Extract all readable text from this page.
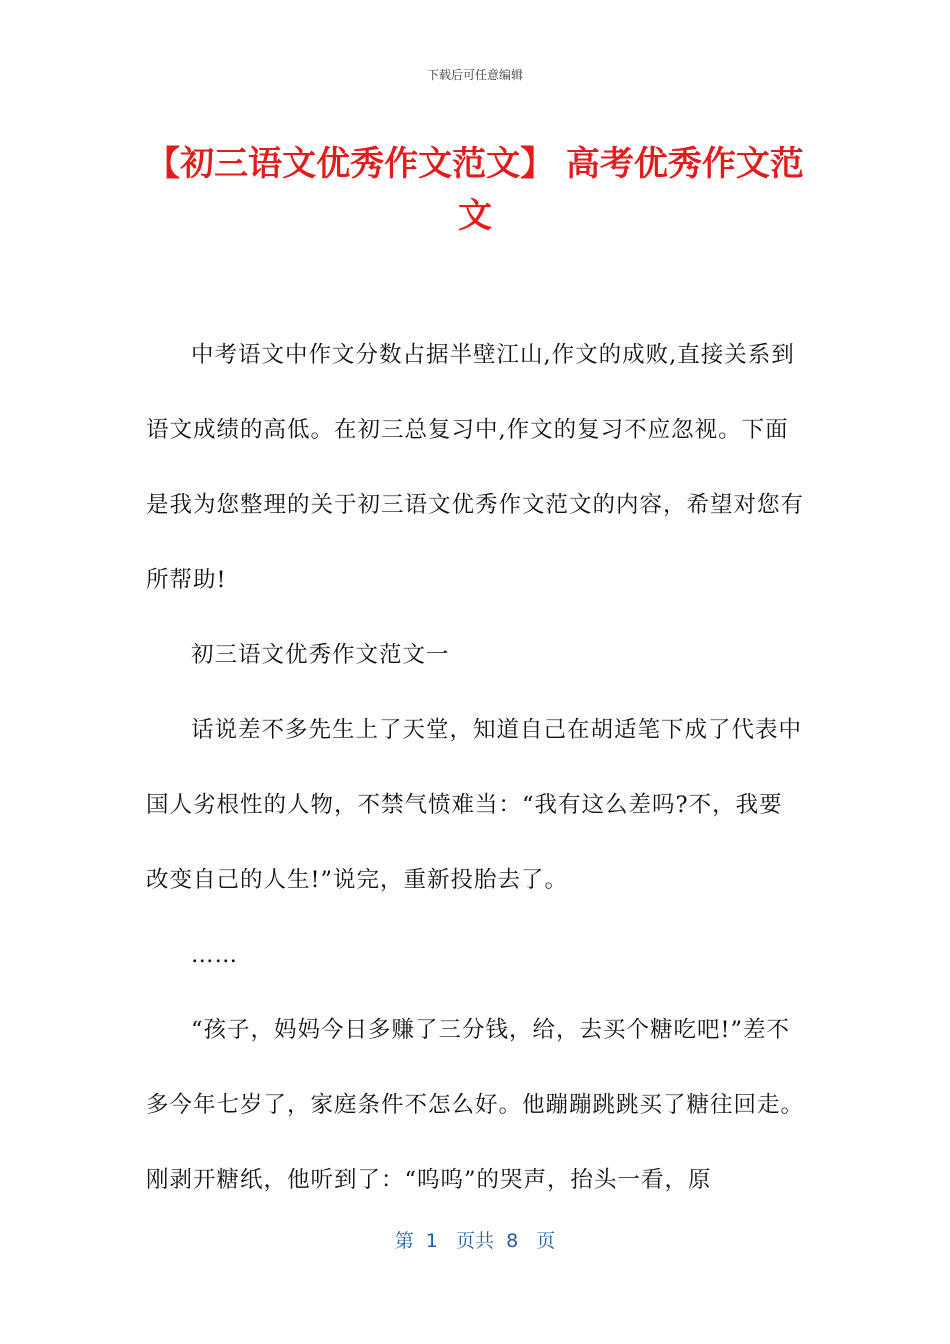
下载后可任意编辑
【初三语文优秀作文范文】 高考优秀作文范文

中考语文中作文分数占据半壁江山,作文的成败,直接关系到语文成绩的高低。在初三总复习中,作文的复习不应忽视。下面是我为您整理的关于初三语文优秀作文范文的内容，希望对您有所帮助!

初三语文优秀作文范文一

话说差不多先生上了天堂，知道自己在胡适笔下成了代表中国人劣根性的人物，不禁气愤难当：“我有这么差吗?不，我要改变自己的人生!”说完，重新投胎去了。

……

“孩子，妈妈今日多赚了三分钱，给，去买个糖吃吧!”差不多今年七岁了，家庭条件不怎么好。他蹦蹦跳跳买了糖往回走。刚剥开糖纸，他听到了：“呜呜”的哭声，抬头一看，原

第  1   页共  8   页
